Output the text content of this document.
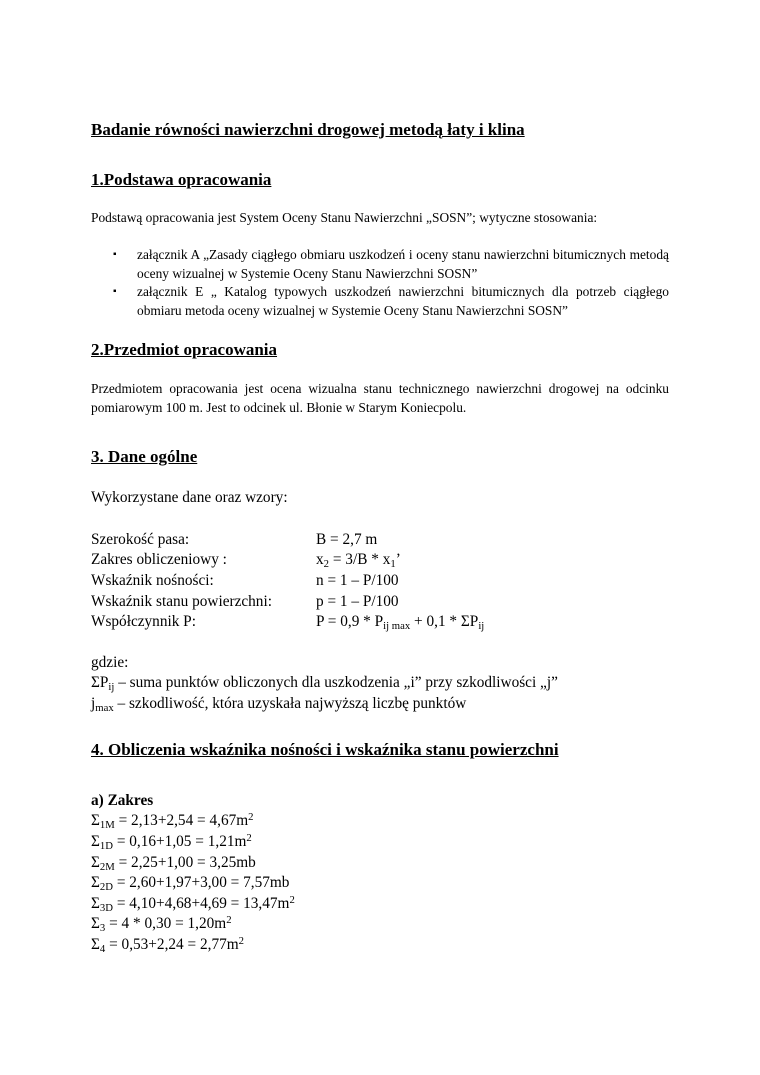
Badanie równości nawierzchni drogowej metodą łaty i klina
1.Podstawa opracowania
Podstawą opracowania jest System Oceny Stanu Nawierzchni „SOSN”; wytyczne stosowania:
▪ załącznik A „Zasady ciągłego obmiaru uszkodzeń i oceny stanu nawierzchni bitumicznych metodą oceny wizualnej w Systemie Oceny Stanu Nawierzchni SOSN”
▪ załącznik E „ Katalog typowych uszkodzeń nawierzchni bitumicznych dla potrzeb ciągłego obmiaru metoda oceny wizualnej w Systemie Oceny Stanu Nawierzchni SOSN”
2.Przedmiot opracowania
Przedmiotem opracowania jest ocena wizualna stanu technicznego nawierzchni drogowej na odcinku pomiarowym 100 m. Jest to odcinek ul. Błonie w Starym Koniecpolu.
3. Dane ogólne
Wykorzystane dane oraz wzory:
Szerokość pasa:	B = 2,7 m
Zakres obliczeniowy :	$x_2 = 3/B * x_1$’
Wskaźnik nośności:	n = 1 – P/100
Wskaźnik stanu powierzchni:	p = 1 – P/100
Współczynnik P:	$P = 0,9 * P_{ij max} + 0,1 * \Sigma P_{ij}$
gdzie:
$\Sigma P_{ij}$ – suma punktów obliczonych dla uszkodzenia „i” przy szkodliwości „j”
$j_{max}$ – szkodliwość, która uzyskała najwyższą liczbę punktów
4. Obliczenia wskaźnika nośności i wskaźnika stanu powierzchni
a) Zakres
$\Sigma_{1M} = 2,13+2,54 = 4,67m^2$
$\Sigma_{1D} = 0,16+1,05 = 1,21m^2$
$\Sigma_{2M} = 2,25+1,00 = 3,25mb$
$\Sigma_{2D} = 2,60+1,97+3,00 = 7,57mb$
$\Sigma_{3D} = 4,10+4,68+4,69 = 13,47m^2$
$\Sigma_3 = 4 * 0,30 = 1,20m^2$
$\Sigma_4 = 0,53+2,24 = 2,77m^2$
